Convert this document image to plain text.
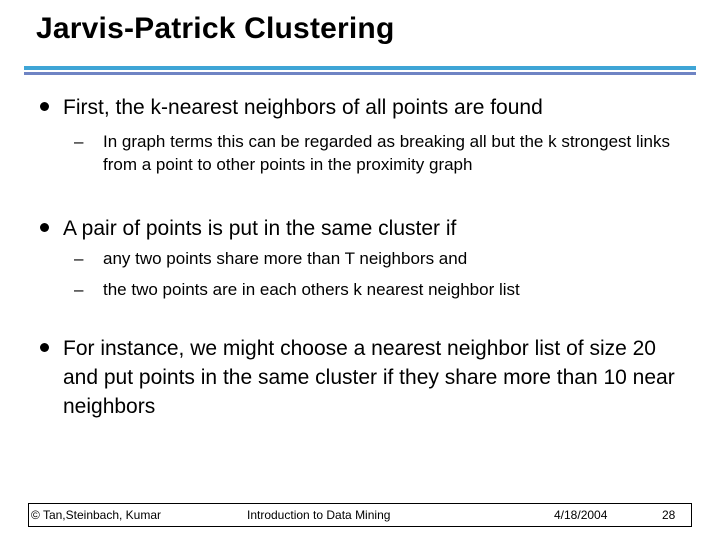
Jarvis-Patrick Clustering
First, the k-nearest neighbors of all points are found
– In graph terms this can be regarded as breaking all but the k strongest links from a point to other points in the proximity graph
A pair of points is put in the same cluster if
– any two points share more than T neighbors and
– the two points are in each others k nearest neighbor list
For instance, we might choose a nearest neighbor list of size 20 and put points in the same cluster if they share more than 10 near neighbors
© Tan,Steinbach, Kumar	Introduction to Data Mining	4/18/2004	28
